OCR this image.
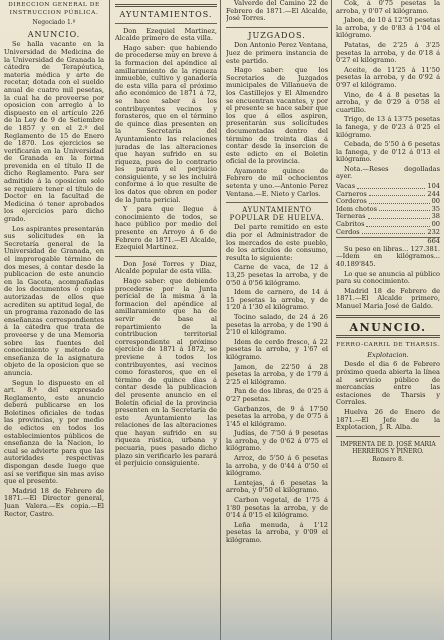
DIRECCION GENERAL DE INSTRUCCION PÚBLICA.
Negociado 1.º
ANUNCIO.

Se halla vacante en la Universidad de Medicina de la Universidad de Granada la cátedra de Terapéutica, materia médica y arte de recetar, dotada con el sueldo anual de cuatro mil pesetas, la cual ha de proveerse por oposicion con arreglo á lo dispuesto en el artículo 226 de la Ley de 9 de Setiembre de 1857 y en el 2.º del Reglamento de 15 de Enero de 1870. Los ejercicios se verificarán en la Universidad de Granada en la forma prevenida en el título II de dicho Reglamento. Para ser admitido á la oposicion solo se requiere tener el título de Doctor en la facultad de Medicina ó tener aprobados los ejercicios para dicho grado.

Los aspirantes presentarán sus solicitudes en la Secretaría general de la Universidad de Granada, en el improrogable término de dos meses, á contar desde la publicacion de este anuncio en la Gaceta, acompañadas de los documentos ó copias autorizadas de ellos que acrediten su aptitud legal, de un programa razonado de las enseñanzas correspondientes á la cátedra que trata de proveerse y de una Memoria sobre las fuentes del conocimiento y método de enseñanza de la asignatura objeto de la oposicion que se anuncia.

Segun lo dispuesto en el art. 8.º del expresado Reglamento, este anuncio deberá publicarse en los Boletines oficiales de todas las provincias, y por medio de edictos en todos los establecimientos públicos de enseñanza de la Nacion, lo cual se advierte para que las autoridades respectivas dispongan desde luego que así se verifique sin mas aviso que el presente.

Madrid 18 de Febrero de 1871.—El Director general, Juan Valera.—Es copia.—El Rector, Castro.

AYUNTAMIENTOS.

Don Ezequiel Martinez, Alcalde primero de esta villa.

Hago saber: que habiendo de procederse muy en breve á la formacion del apéndice al amillaramiento de la riqueza inmueble, cultivo y ganadería de esta villa para el próximo año económico de 1871 á 72, se hace saber á los contribuyentes vecinos y forasteros, que en el término de quince dias presenten en la Secretaría del Ayuntamiento las relaciones juradas de las alteraciones que hayan sufrido en su riqueza, pues de lo contrario les parará el perjuicio consiguiente, y se les incluirá conforme á lo que resulte de los datos que obren en poder de la Junta pericial.

Y para que llegue á conocimiento de todos, se hace público por medio del presente en Arroyo á 6 de Febrero de 1871.—El Alcalde, Ezequiel Martinez.

Don José Torres y Diaz, Alcalde popular de esta villa.

Hago saber: que debiendo procederse por la Junta pericial de la misma á la formacion del apéndice al amillaramiento que ha de servir de base al repartimiento de la contribucion territorial correspondiente al próximo ejercicio de 1871 á 1872, se previene á todos los contribuyentes, así vecinos como forasteros, que en el término de quince dias á contar desde la publicacion del presente anuncio en el Boletín oficial de la provincia presenten en la Secretaría de este Ayuntamiento las relaciones de las alteraciones que hayan sufrido en su riqueza rústica, urbana y pecuaria, pues pasado dicho plazo sin verificarlo les parará el perjuicio consiguiente.

Valverde del Camino 22 de Febrero de 1871.—El Alcalde, José Torres.

JUZGADOS.

Don Antonio Perez Ventana, Juez de primera instancia de este partido.

Hago saber: que los Secretarios de Juzgados municipales de Villanueva de los Castillejos y El Almendro se encuentran vacantes, y por el presente se hace saber que los que á ellos aspiren, presentarán sus solicitudes documentadas dentro del término de treinta dias á contar desde la insercion de este edicto en el Boletin oficial de la provincia.

Ayamonte quince de Febrero de mil ochocientos setenta y uno.—Antonio Perez Ventana.—E. Nieto y Carlos.

AYUNTAMIENTO POPULAR DE HUELVA.

Del parte remitido en este dia por el Administrador de los mercados de este pueblo, de los artículos de consumo, resulta lo siguiente:

Carne de vaca, de 12 á 13,25 pesetas la arroba, y de 0'50 á 0'56 kilógramo.

Idem de carnero, de 14 á 15 pesetas la arroba, y de 1'20 á 1'30 el kilógramo.

Tocino salado, de 24 á 26 pesetas la arroba, y de 1'90 á 2'10 el kilógramo.

Idem de cerdo fresco, á 22 pesetas la arroba, y 1'67 el kilógramo.

Jamon, de 22'50 á 28 pesetas la arroba, y de 1'79 á 2'25 el kilógramo.

Pan de dos libras, de 0'25 á 0'27 pesetas.

Garbanzos, de 9 á 17'50 pesetas la arroba, y de 0'75 á 1'45 el kilógramo.

Judías, de 7'50 á 9 pesetas la arroba, y de 0'62 á 0'75 el kilógramo.

Arroz, de 5'50 á 6 pesetas la arroba, y de 0'44 á 0'50 el kilógramo.

Lentejas, á 6 pesetas la arroba, y 0'50 el kilógramo.

Carbon vegetal, de 1'75 á 1'80 pesetas la arroba, y de 0'14 á 0'15 el kilógramo.

Leña menuda, á 1'12 pesetas la arroba, y 0'09 el kilógramo.

Cok, á 0'75 pesetas la arroba, y 0'07 el kilógramo.

Jabon, de 10 á 12'50 pesetas la arroba, y de 0'83 á 1'04 el kilógramo.

Patatas, de 2'25 á 3'25 pesetas la arroba, y de 0'18 á 0'27 el kilógramo.

Aceite, de 11'25 á 11'50 pesetas la arroba, y de 0'92 á 0'97 el kilógramo.

Vino, de 4 á 8 pesetas la arroba, y de 0'29 á 0'58 el cuartillo.

Trigo, de 13 á 13'75 pesetas la fanega, y de 0'23 á 0'25 el kilógramo.

Cebada, de 5'50 á 6 pesetas la fanega, y de 0'12 á 0'13 el kilógramo.

Nota.—Reses degolladas ayer.

Vacas	104
Carneros	244
Corderos	00
Idem chotos	35
Terneras	38
Cabritos	00
Cerdos	232
664

Su peso en libras... 127.381.—Idem en kilógramos... 40.189'845.

Lo que se anuncia al público para su conocimiento.

Madrid 18 de Febrero de 1871.—El Alcalde primero, Manuel Maria José de Galdo.

ANUNCIO.
FERRO-CARRIL DE THARSIS.
Explotacion.

Desde el dia 6 de Febrero próximo queda abierta la línea al servicio público de mercancías entre las estaciones de Tharsis y Corrales.

Huelva 26 de Enero de 1871.—El Jefe de la Explotacion, J. R. Alba.

IMPRENTA DE D. JOSÉ MARIA HERREROS Y PIÑERO.
Romero 8.
